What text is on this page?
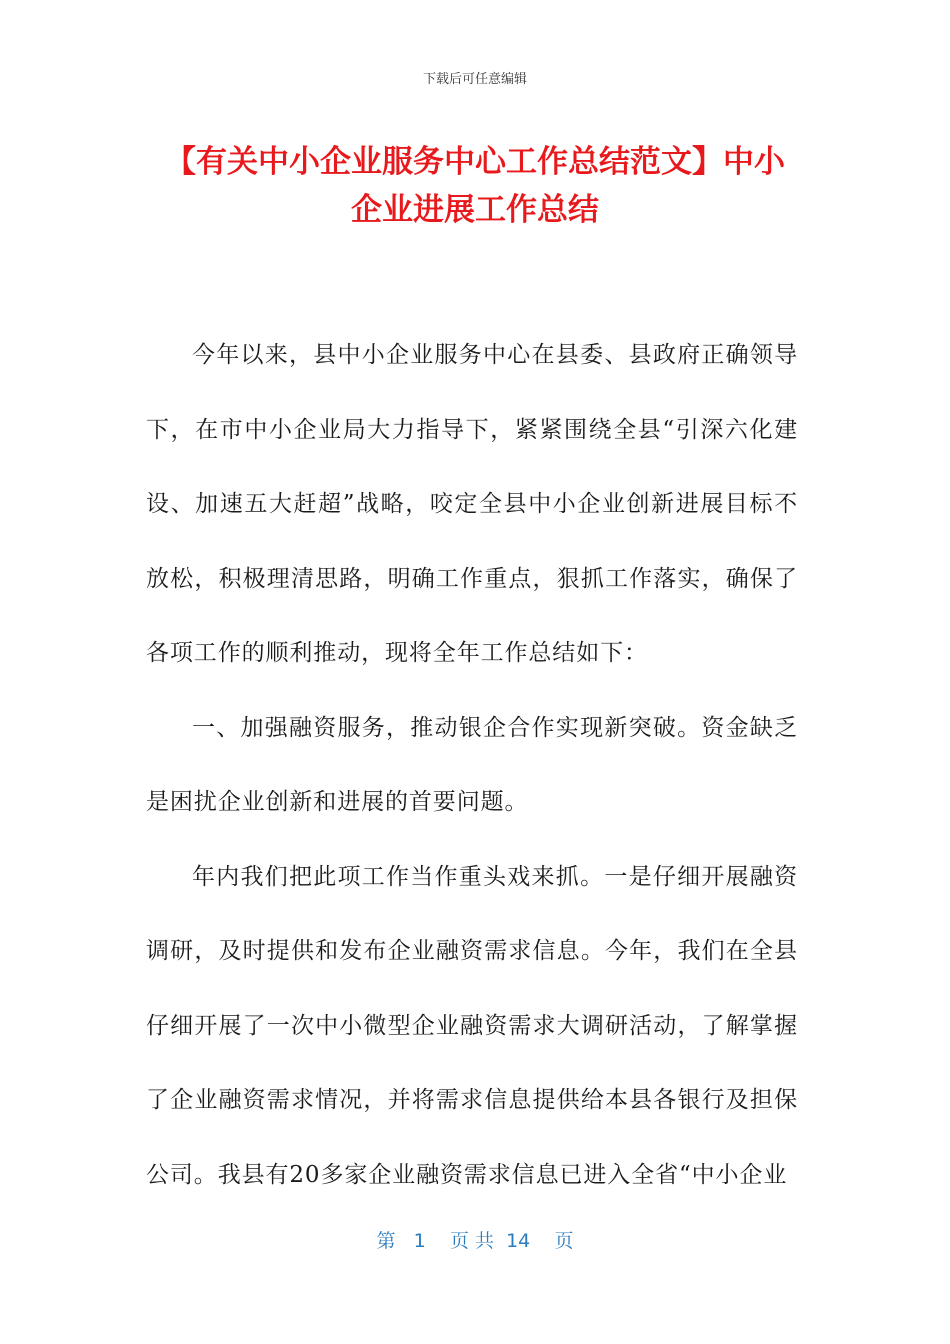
下载后可任意编辑
【有关中小企业服务中心工作总结范文】中小企业进展工作总结

今年以来，县中小企业服务中心在县委、县政府正确领导下，在市中小企业局大力指导下，紧紧围绕全县“引深六化建设、加速五大赶超”战略，咬定全县中小企业创新进展目标不放松，积极理清思路，明确工作重点，狠抓工作落实，确保了各项工作的顺利推动，现将全年工作总结如下：

一、加强融资服务，推动银企合作实现新突破。资金缺乏是困扰企业创新和进展的首要问题。

年内我们把此项工作当作重头戏来抓。一是仔细开展融资调研，及时提供和发布企业融资需求信息。今年，我们在全县仔细开展了一次中小微型企业融资需求大调研活动，了解掌握了企业融资需求情况，并将需求信息提供给本县各银行及担保公司。我县有20多家企业融资需求信息已进入全省“中小企业

第 1 页 共 14 页
